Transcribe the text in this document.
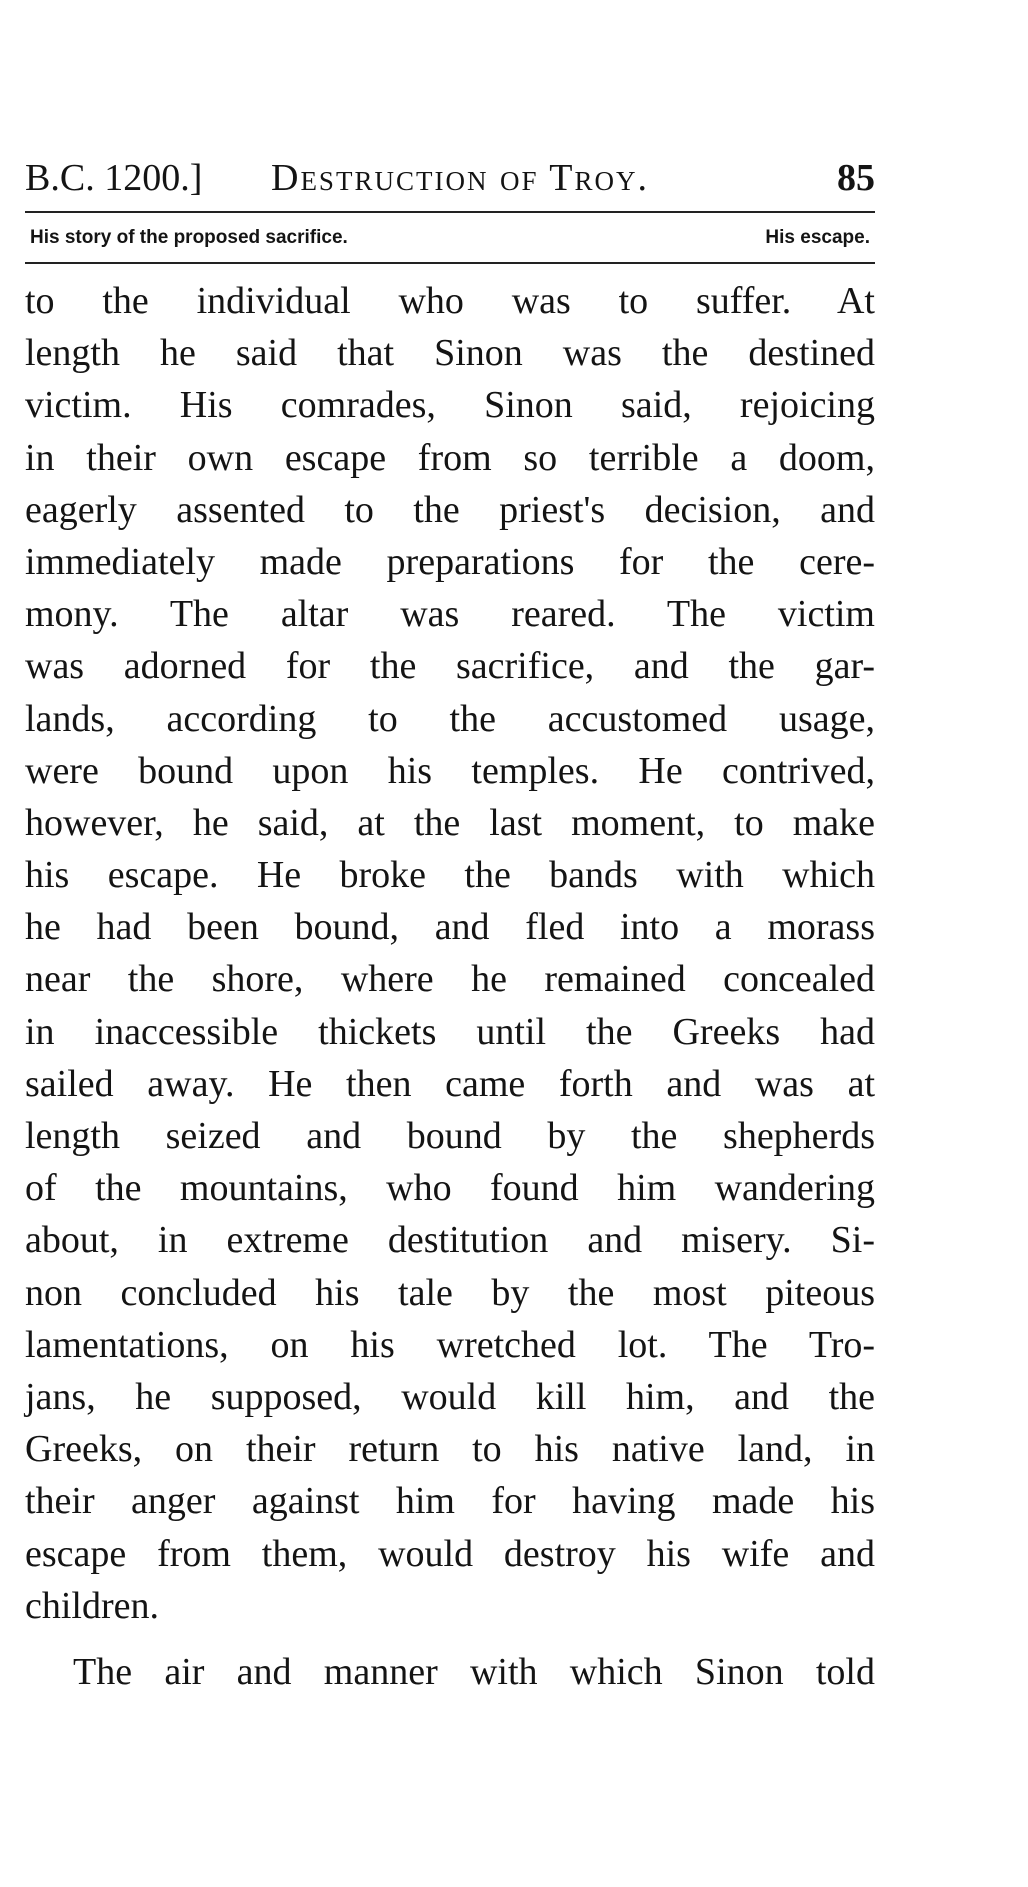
B.C. 1200.] Destruction of Troy.	85
His story of the proposed sacrifice.	His escape.
to the individual who was to suffer. At
length he said that Sinon was the destined
victim. His comrades, Sinon said, rejoicing
in their own escape from so terrible a doom,
eagerly assented to the priest's decision, and
immediately made preparations for the cere-
mony. The altar was reared. The victim
was adorned for the sacrifice, and the gar-
lands, according to the accustomed usage,
were bound upon his temples. He contrived,
however, he said, at the last moment, to make
his escape. He broke the bands with which
he had been bound, and fled into a morass
near the shore, where he remained concealed
in inaccessible thickets until the Greeks had
sailed away. He then came forth and was at
length seized and bound by the shepherds
of the mountains, who found him wandering
about, in extreme destitution and misery. Si-
non concluded his tale by the most piteous
lamentations, on his wretched lot. The Tro-
jans, he supposed, would kill him, and the
Greeks, on their return to his native land, in
their anger against him for having made his
escape from them, would destroy his wife and
children.
The air and manner with which Sinon told
